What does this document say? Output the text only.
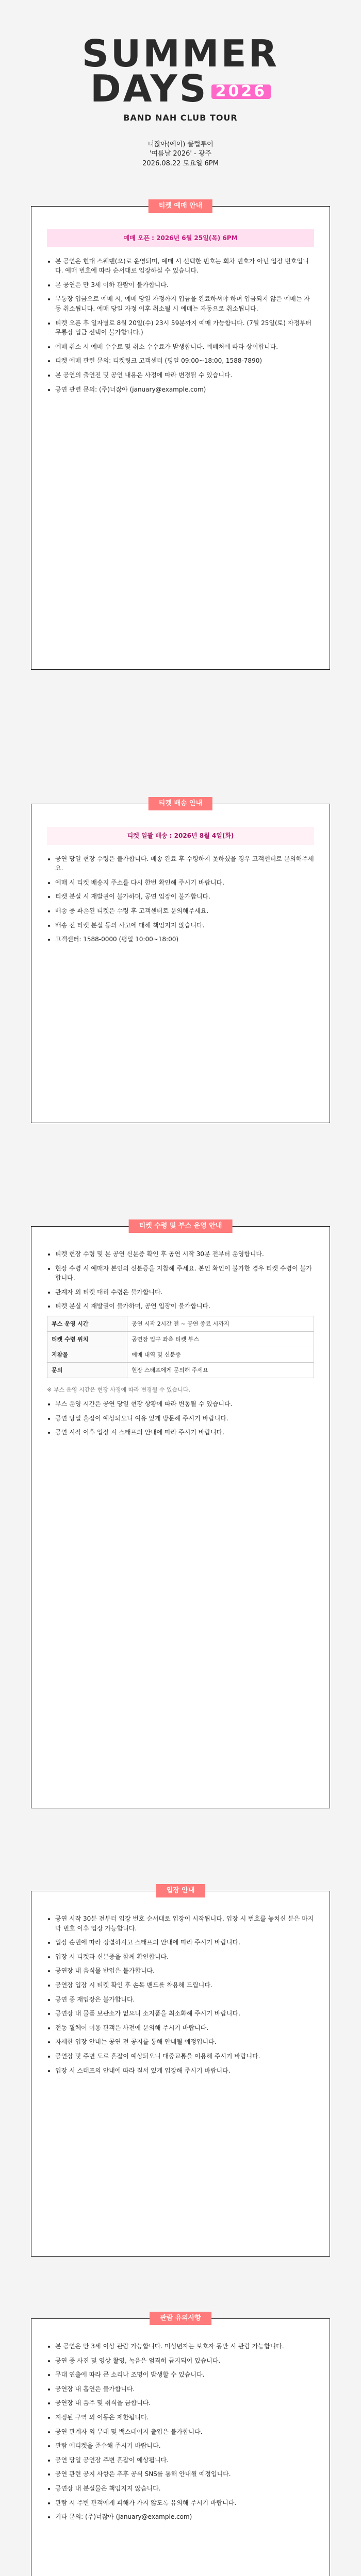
SUMMER
DAYS 2026
BAND NAH CLUB TOUR
너잖아(에이) 클럽투어
'여름날 2026' - 광주
2026.08.22 토요일 6PM
티켓 예매 안내
예매 오픈 : 2026년 6월 25일(목) 6PM
• 본 공연은 현대 스웨덴(으)로 운영되며, 예매 시 선택한 번호는 회차 번호가 아닌 입장 번호입니다. 예매 번호에 따라 순서대로 입장하실 수 있습니다.
• 본 공연은 만 3세 이하 관람이 불가합니다.
• 무통장 입금으로 예매 시, 예매 당일 자정까지 입금을 완료하셔야 하며 입금되지 않은 예매는 자동 취소됩니다. 예매 당일 자정 이후 취소될 시 예매는 자동으로 취소됩니다.
• 티켓 오픈 후 일자별로 8월 20일(수) 23시 59분까지 예매 가능합니다. (7월 25일(토) 자정부터 무통장 입금 선택이 불가합니다.)
• 예매 취소 시 예매 수수료 및 취소 수수료가 발생합니다. 예매처에 따라 상이합니다.
• 티켓 예매 관련 문의: 티켓링크 고객센터 (평일 09:00~18:00, 1588-7890)
• 본 공연의 출연진 및 공연 내용은 사정에 따라 변경될 수 있습니다.
• 공연 관련 문의: (주)너잖아 (january@example.com)
티켓 배송 안내
티켓 일괄 배송 : 2026년 8월 4일(화)
• 공연 당일 현장 수령은 불가합니다. 배송 완료 후 수령하지 못하셨을 경우 고객센터로 문의해주세요.
• 예매 시 티켓 배송지 주소를 다시 한번 확인해 주시기 바랍니다.
• 티켓 분실 시 재발권이 불가하며, 공연 입장이 불가합니다.
• 배송 중 파손된 티켓은 수령 후 고객센터로 문의해주세요.
• 배송 전 티켓 분실 등의 사고에 대해 책임지지 않습니다.
• 고객센터: 1588-0000 (평일 10:00~18:00)
티켓 수령 및 부스 운영 안내
• 티켓 현장 수령 및 본 공연 신분증 확인 후 공연 시작 30분 전부터 운영합니다.
• 현장 수령 시 예매자 본인의 신분증을 지참해 주세요. 본인 확인이 불가한 경우 티켓 수령이 불가합니다.
• 관계자 외 티켓 대리 수령은 불가합니다.
• 티켓 분실 시 재발권이 불가하며, 공연 입장이 불가합니다.
부스 운영 시간	공연 시작 2시간 전 ~ 공연 종료 시까지
티켓 수령 위치	공연장 입구 좌측 티켓 부스
지참물	예매 내역 및 신분증
문의	현장 스태프에게 문의해 주세요
※ 부스 운영 시간은 현장 사정에 따라 변경될 수 있습니다.
• 부스 운영 시간은 공연 당일 현장 상황에 따라 변동될 수 있습니다.
• 공연 당일 혼잡이 예상되오니 여유 있게 방문해 주시기 바랍니다.
• 공연 시작 이후 입장 시 스태프의 안내에 따라 주시기 바랍니다.
입장 안내
• 공연 시작 30분 전부터 입장 번호 순서대로 입장이 시작됩니다. 입장 시 번호를 놓치신 분은 마지막 번호 이후 입장 가능합니다.
• 입장 순번에 따라 정렬하시고 스태프의 안내에 따라 주시기 바랍니다.
• 입장 시 티켓과 신분증을 함께 확인합니다.
• 공연장 내 음식물 반입은 불가합니다.
• 공연장 입장 시 티켓 확인 후 손목 밴드를 착용해 드립니다.
• 공연 중 재입장은 불가합니다.
• 공연장 내 물품 보관소가 없으니 소지품을 최소화해 주시기 바랍니다.
• 전동 휠체어 이용 관객은 사전에 문의해 주시기 바랍니다.
• 자세한 입장 안내는 공연 전 공지를 통해 안내될 예정입니다.
• 공연장 및 주변 도로 혼잡이 예상되오니 대중교통을 이용해 주시기 바랍니다.
• 입장 시 스태프의 안내에 따라 질서 있게 입장해 주시기 바랍니다.
관람 유의사항
• 본 공연은 만 3세 이상 관람 가능합니다. 미성년자는 보호자 동반 시 관람 가능합니다.
• 공연 중 사진 및 영상 촬영, 녹음은 엄격히 금지되어 있습니다.
• 무대 연출에 따라 큰 소리나 조명이 발생할 수 있습니다.
• 공연장 내 흡연은 불가합니다.
• 공연장 내 음주 및 취식을 금합니다.
• 지정된 구역 외 이동은 제한됩니다.
• 공연 관계자 외 무대 및 백스테이지 출입은 불가합니다.
• 관람 에티켓을 준수해 주시기 바랍니다.
• 공연 당일 공연장 주변 혼잡이 예상됩니다.
• 공연 관련 공지 사항은 추후 공식 SNS를 통해 안내될 예정입니다.
• 공연장 내 분실물은 책임지지 않습니다.
• 관람 시 주변 관객에게 피해가 가지 않도록 유의해 주시기 바랍니다.
• 기타 문의: (주)너잖아 (january@example.com)
